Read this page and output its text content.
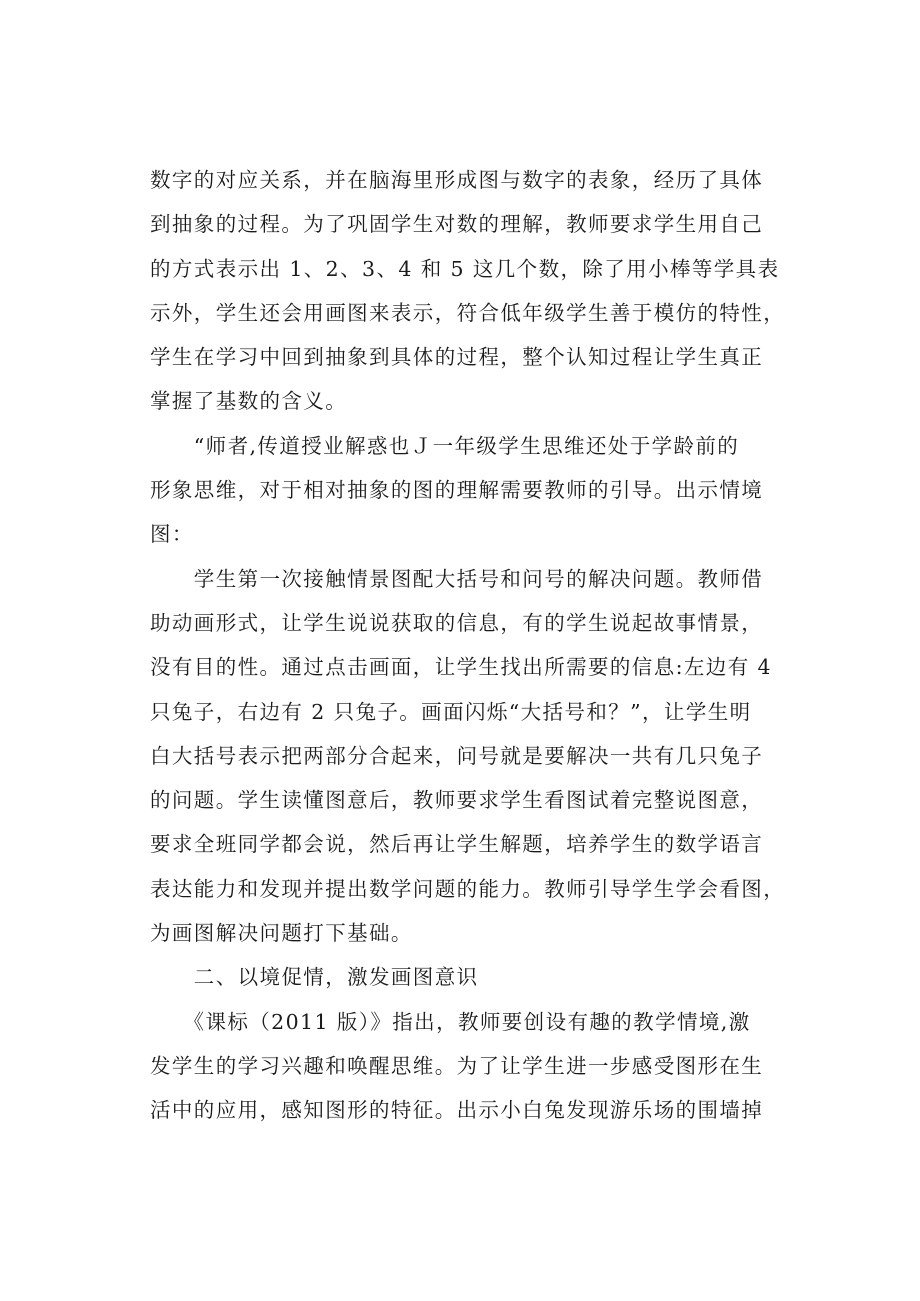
数字的对应关系，并在脑海里形成图与数字的表象，经历了具体
到抽象的过程。为了巩固学生对数的理解，教师要求学生用自己
的方式表示出 1、2、3、4 和 5 这几个数，除了用小棒等学具表
示外，学生还会用画图来表示，符合低年级学生善于模仿的特性，
学生在学习中回到抽象到具体的过程，整个认知过程让学生真正
掌握了基数的含义。
　　“师者,传道授业解惑也Ｊ一年级学生思维还处于学龄前的
形象思维，对于相对抽象的图的理解需要教师的引导。出示情境
图：
　　学生第一次接触情景图配大括号和问号的解决问题。教师借
助动画形式，让学生说说获取的信息，有的学生说起故事情景，
没有目的性。通过点击画面，让学生找出所需要的信息:左边有 4
只兔子，右边有 2 只兔子。画面闪烁“大括号和？”，让学生明
白大括号表示把两部分合起来，问号就是要解决一共有几只兔子
的问题。学生读懂图意后，教师要求学生看图试着完整说图意，
要求全班同学都会说，然后再让学生解题，培养学生的数学语言
表达能力和发现并提出数学问题的能力。教师引导学生学会看图，
为画图解决问题打下基础。
　　二、以境促情，激发画图意识
　　《课标（2011 版）》指出，教师要创设有趣的教学情境,激
发学生的学习兴趣和唤醒思维。为了让学生进一步感受图形在生
活中的应用，感知图形的特征。出示小白兔发现游乐场的围墙掉
